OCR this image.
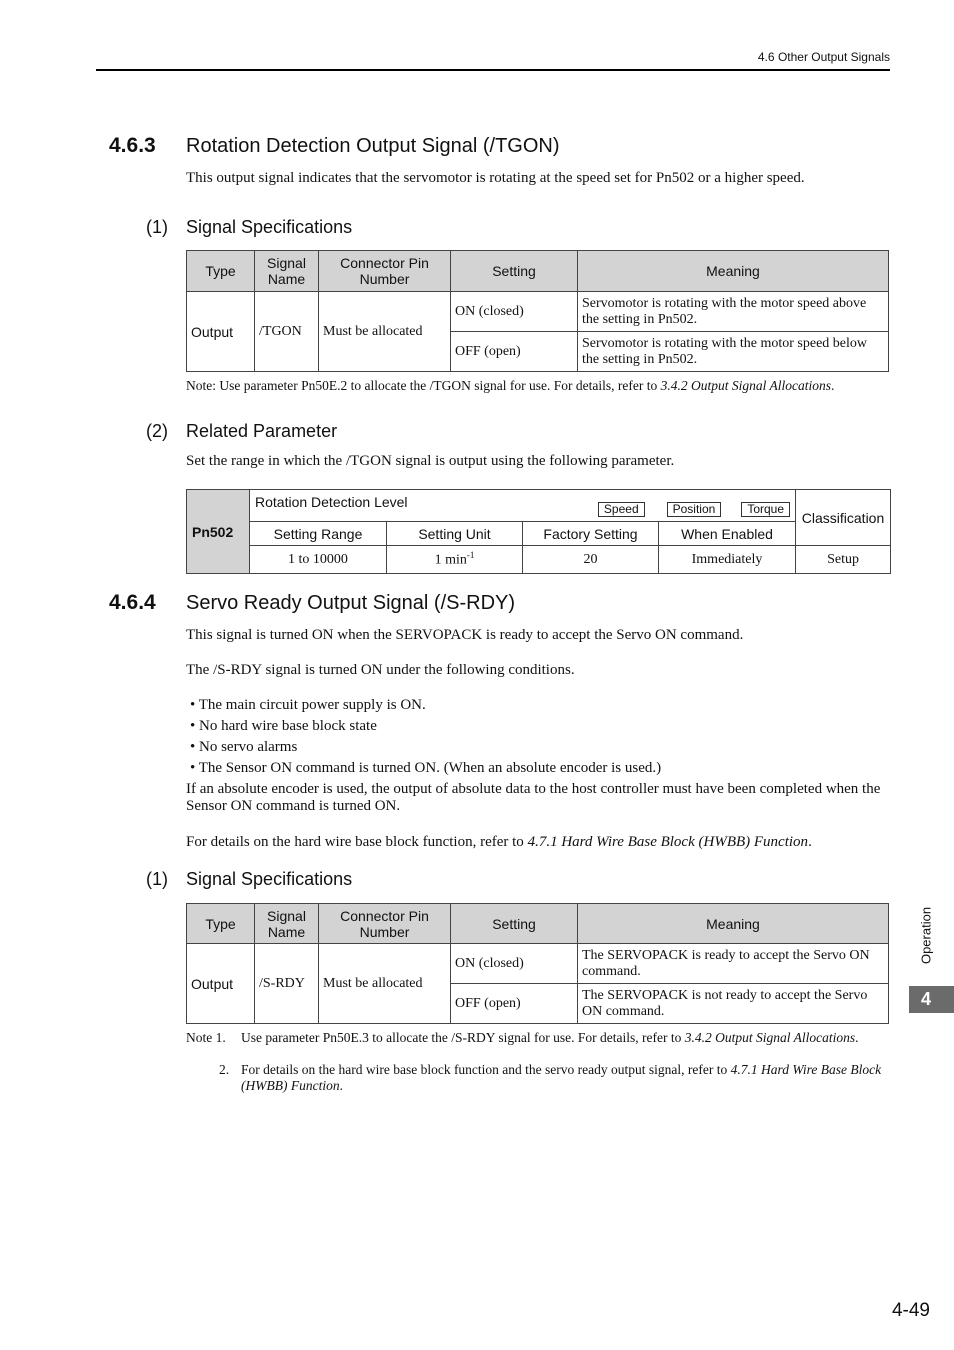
4.6 Other Output Signals
4.6.3 Rotation Detection Output Signal (/TGON)
This output signal indicates that the servomotor is rotating at the speed set for Pn502 or a higher speed.
(1) Signal Specifications
Type	Signal Name	Connector Pin Number	Setting	Meaning
Output	/TGON	Must be allocated	ON (closed)	Servomotor is rotating with the motor speed above the setting in Pn502.
			OFF (open)	Servomotor is rotating with the motor speed below the setting in Pn502.
Note: Use parameter Pn50E.2 to allocate the /TGON signal for use. For details, refer to 3.4.2 Output Signal Allocations.
(2) Related Parameter
Set the range in which the /TGON signal is output using the following parameter.
Pn502	Rotation Detection Level Speed Position Torque				Classification
	Setting Range	Setting Unit	Factory Setting	When Enabled	
	1 to 10000	1 $\min^{-1}$	20	Immediately	Setup
4.6.4 Servo Ready Output Signal (/S-RDY)
This signal is turned ON when the SERVOPACK is ready to accept the Servo ON command.
The /S-RDY signal is turned ON under the following conditions.
• The main circuit power supply is ON.
• No hard wire base block state
• No servo alarms
• The Sensor ON command is turned ON. (When an absolute encoder is used.)
If an absolute encoder is used, the output of absolute data to the host controller must have been completed when the Sensor ON command is turned ON.
For details on the hard wire base block function, refer to 4.7.1 Hard Wire Base Block (HWBB) Function.
(1) Signal Specifications
Type	Signal Name	Connector Pin Number	Setting	Meaning
Output	/S-RDY	Must be allocated	ON (closed)	The SERVOPACK is ready to accept the Servo ON command.
			OFF (open)	The SERVOPACK is not ready to accept the Servo ON command.
Note 1. Use parameter Pn50E.3 to allocate the /S-RDY signal for use. For details, refer to 3.4.2 Output Signal Allocations.
2. For details on the hard wire base block function and the servo ready output signal, refer to 4.7.1 Hard Wire Base Block (HWBB) Function.
Operation
4
4-49
